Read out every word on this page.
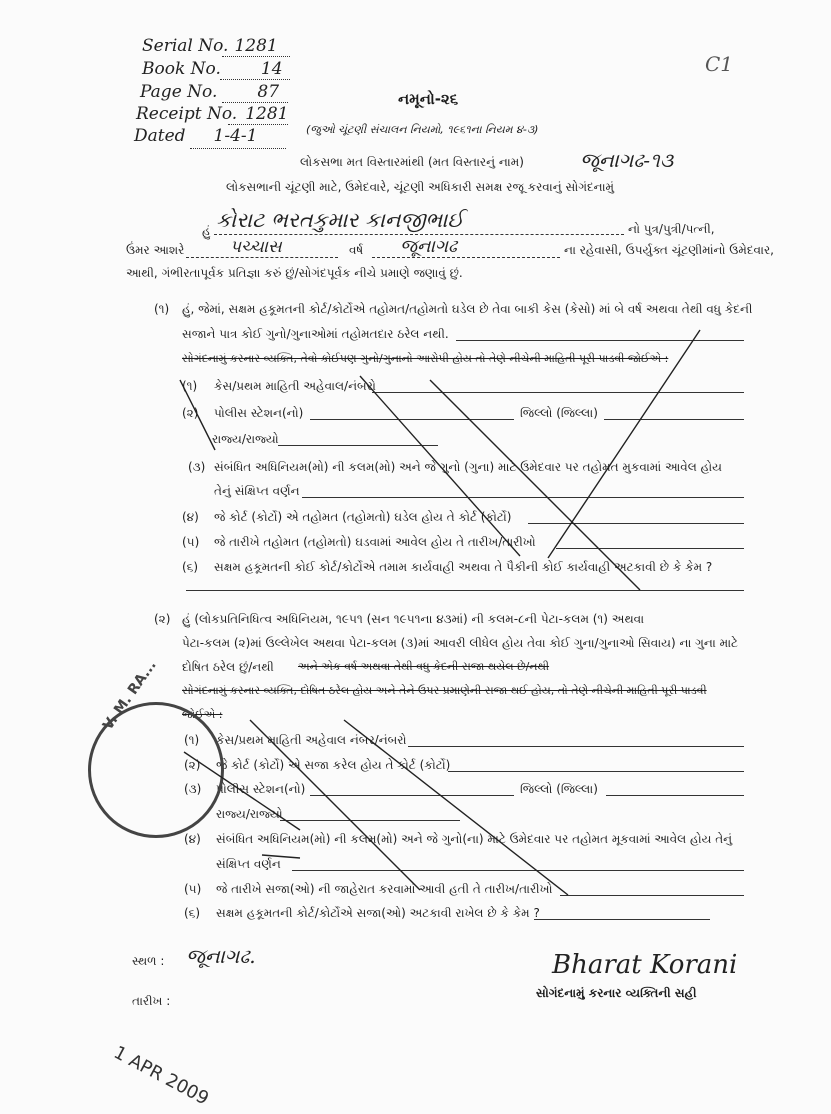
Serial No. 1281
Book No. 14
Page No. 87
Receipt No. 1281
Dated 1-4-1
C1
નમૂનો-૨૬
(જુઓ ચૂંટણી સંચાલન નિયમો, ૧૯૬૧ના નિયમ ૪-૩)
લોકસભા મત વિસ્તારમાંથી (મત વિસ્તારનું નામ)	જૂનાગઢ-૧૩
લોકસભાની ચૂંટણી માટે, ઉમેદવારે, ચૂંટણી અધિકારી સમક્ષ રજૂ કરવાનું સોગંદનામું
હું કોરાટ ભરતકુમાર કાનજીભાઈ	નો પુત્ર/પુત્રી/પત્ની,
ઉંમર આશરે	પચ્ચાસ	વર્ષ જૂનાગઢ	ના રહેવાસી, ઉપર્યુક્ત ચૂંટણીમાંનો ઉમેદવાર,
આથી, ગંભીરતાપૂર્વક પ્રતિજ્ઞા કરું છું/સોગંદપૂર્વક નીચે પ્રમાણે જણાવું છું.
(૧) હું, જેમાં, સક્ષમ હકૂમતની કોર્ટ/કોર્ટોએ તહોમત/તહોમતો ઘડેલ છે તેવા બાકી કેસ (કેસો) માં બે વર્ષ અથવા તેથી વધુ કેદની
સજાને પાત્ર કોઈ ગુનો/ગુનાઓમાં તહોમતદાર ઠરેલ નથી.
સોગંદનામું કરનાર વ્યક્તિ, તેવો કોઈપણ ગુનો/ગુનાનો આરોપી હોય તો તેણે નીચેની માહિતી પૂરી પાડવી જોઈએ :
(૧) કેસ/પ્રથમ માહિતી અહેવાલ/નંબરો
(૨) પોલીસ સ્ટેશન(નો)	જિલ્લો (જિલ્લા)
રાજ્ય/રાજ્યો
(૩) સંબંધિત અધિનિયમ(મો) ની કલમ(મો) અને જે ગુનો (ગુના) માટે ઉમેદવાર પર તહોમત મુકવામાં આવેલ હોય
તેનું સંક્ષિપ્ત વર્ણન
(૪) જે કોર્ટ (કોર્ટો) એ તહોમત (તહોમતો) ઘડેલ હોય તે કોર્ટ (કોર્ટો)
(૫) જે તારીખે તહોમત (તહોમતો) ઘડવામાં આવેલ હોય તે તારીખ/તારીખો
(૬) સક્ષમ હકૂમતની કોઈ કોર્ટ/કોર્ટોએ તમામ કાર્યવાહી અથવા તે પૈકીની કોઈ કાર્યવાહી અટકાવી છે કે કેમ ?
(૨) હું (લોકપ્રતિનિધિત્વ અધિનિયમ, ૧૯૫૧ (સન ૧૯૫૧ના ૪૩માં) ની કલમ-૮ની પેટા-કલમ (૧) અથવા
પેટા-કલમ (૨)માં ઉલ્લેખેલ અથવા પેટા-કલમ (૩)માં આવરી લીધેલ હોય તેવા કોઈ ગુના/ગુનાઓ સિવાય) ના ગુના માટે
દોષિત ઠરેલ છું/નથી અને એક વર્ષ અથવા તેથી વધુ કેદની સજા થયેલ છે/નથી
સોગંદનામું કરનાર વ્યક્તિ, દોષિત ઠરેલ હોય અને તેને ઉપર પ્રમાણેની સજા થઈ હોય, તો તેણે નીચેની માહિતી પૂરી પાડવી
જોઈએ :
(૧) કેસ/પ્રથમ માહિતી અહેવાલ નંબર/નંબરો
(૨) જે કોર્ટ (કોર્ટો) એ સજા કરેલ હોય તે કોર્ટ (કોર્ટો)
(૩) પોલીસ સ્ટેશન(નો)	જિલ્લો (જિલ્લા)
રાજ્ય/રાજ્યો
(૪) સંબંધિત અધિનિયમ(મો) ની કલમ(મો) અને જે ગુનો(ના) માટે ઉમેદવાર પર તહોમત મૂકવામાં આવેલ હોય તેનું
સંક્ષિપ્ત વર્ણન
(૫) જે તારીખે સજા(ઓ) ની જાહેરાત કરવામાં આવી હતી તે તારીખ/તારીખો
(૬) સક્ષમ હકૂમતની કોર્ટ/કોર્ટોએ સજા(ઓ) અટકાવી રાખેલ છે કે કેમ ?
સ્થળ : જૂનાગઢ.
તારીખ :
1 APR 2009
Bharat Korani
સોગંદનામું કરનાર વ્યક્તિની સહી
V. M. RA...
